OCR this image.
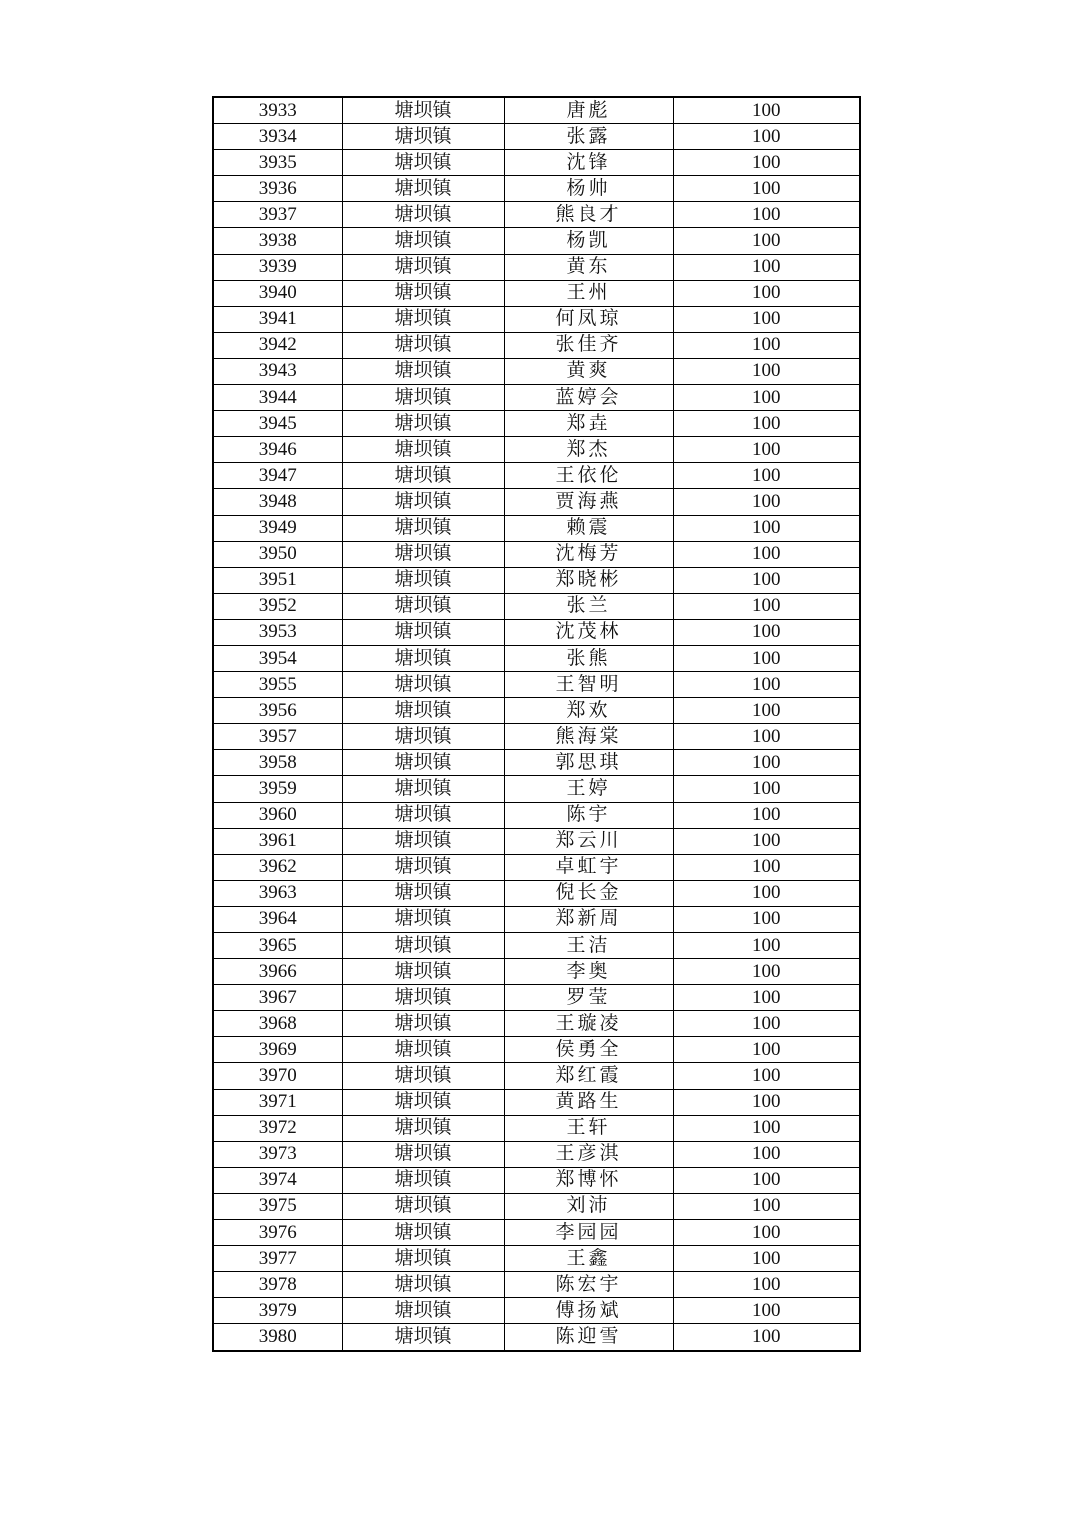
3933	塘坝镇	唐彪	100
3934	塘坝镇	张露	100
3935	塘坝镇	沈锋	100
3936	塘坝镇	杨帅	100
3937	塘坝镇	熊良才	100
3938	塘坝镇	杨凯	100
3939	塘坝镇	黄东	100
3940	塘坝镇	王州	100
3941	塘坝镇	何凤琼	100
3942	塘坝镇	张佳齐	100
3943	塘坝镇	黄爽	100
3944	塘坝镇	蓝婷会	100
3945	塘坝镇	郑垚	100
3946	塘坝镇	郑杰	100
3947	塘坝镇	王依伦	100
3948	塘坝镇	贾海燕	100
3949	塘坝镇	赖震	100
3950	塘坝镇	沈梅芳	100
3951	塘坝镇	郑晓彬	100
3952	塘坝镇	张兰	100
3953	塘坝镇	沈茂林	100
3954	塘坝镇	张熊	100
3955	塘坝镇	王智明	100
3956	塘坝镇	郑欢	100
3957	塘坝镇	熊海棠	100
3958	塘坝镇	郭思琪	100
3959	塘坝镇	王婷	100
3960	塘坝镇	陈宇	100
3961	塘坝镇	郑云川	100
3962	塘坝镇	卓虹宇	100
3963	塘坝镇	倪长金	100
3964	塘坝镇	郑新周	100
3965	塘坝镇	王洁	100
3966	塘坝镇	李奥	100
3967	塘坝镇	罗莹	100
3968	塘坝镇	王璇凌	100
3969	塘坝镇	侯勇全	100
3970	塘坝镇	郑红霞	100
3971	塘坝镇	黄路生	100
3972	塘坝镇	王轩	100
3973	塘坝镇	王彦淇	100
3974	塘坝镇	郑博怀	100
3975	塘坝镇	刘沛	100
3976	塘坝镇	李园园	100
3977	塘坝镇	王鑫	100
3978	塘坝镇	陈宏宇	100
3979	塘坝镇	傅扬斌	100
3980	塘坝镇	陈迎雪	100
